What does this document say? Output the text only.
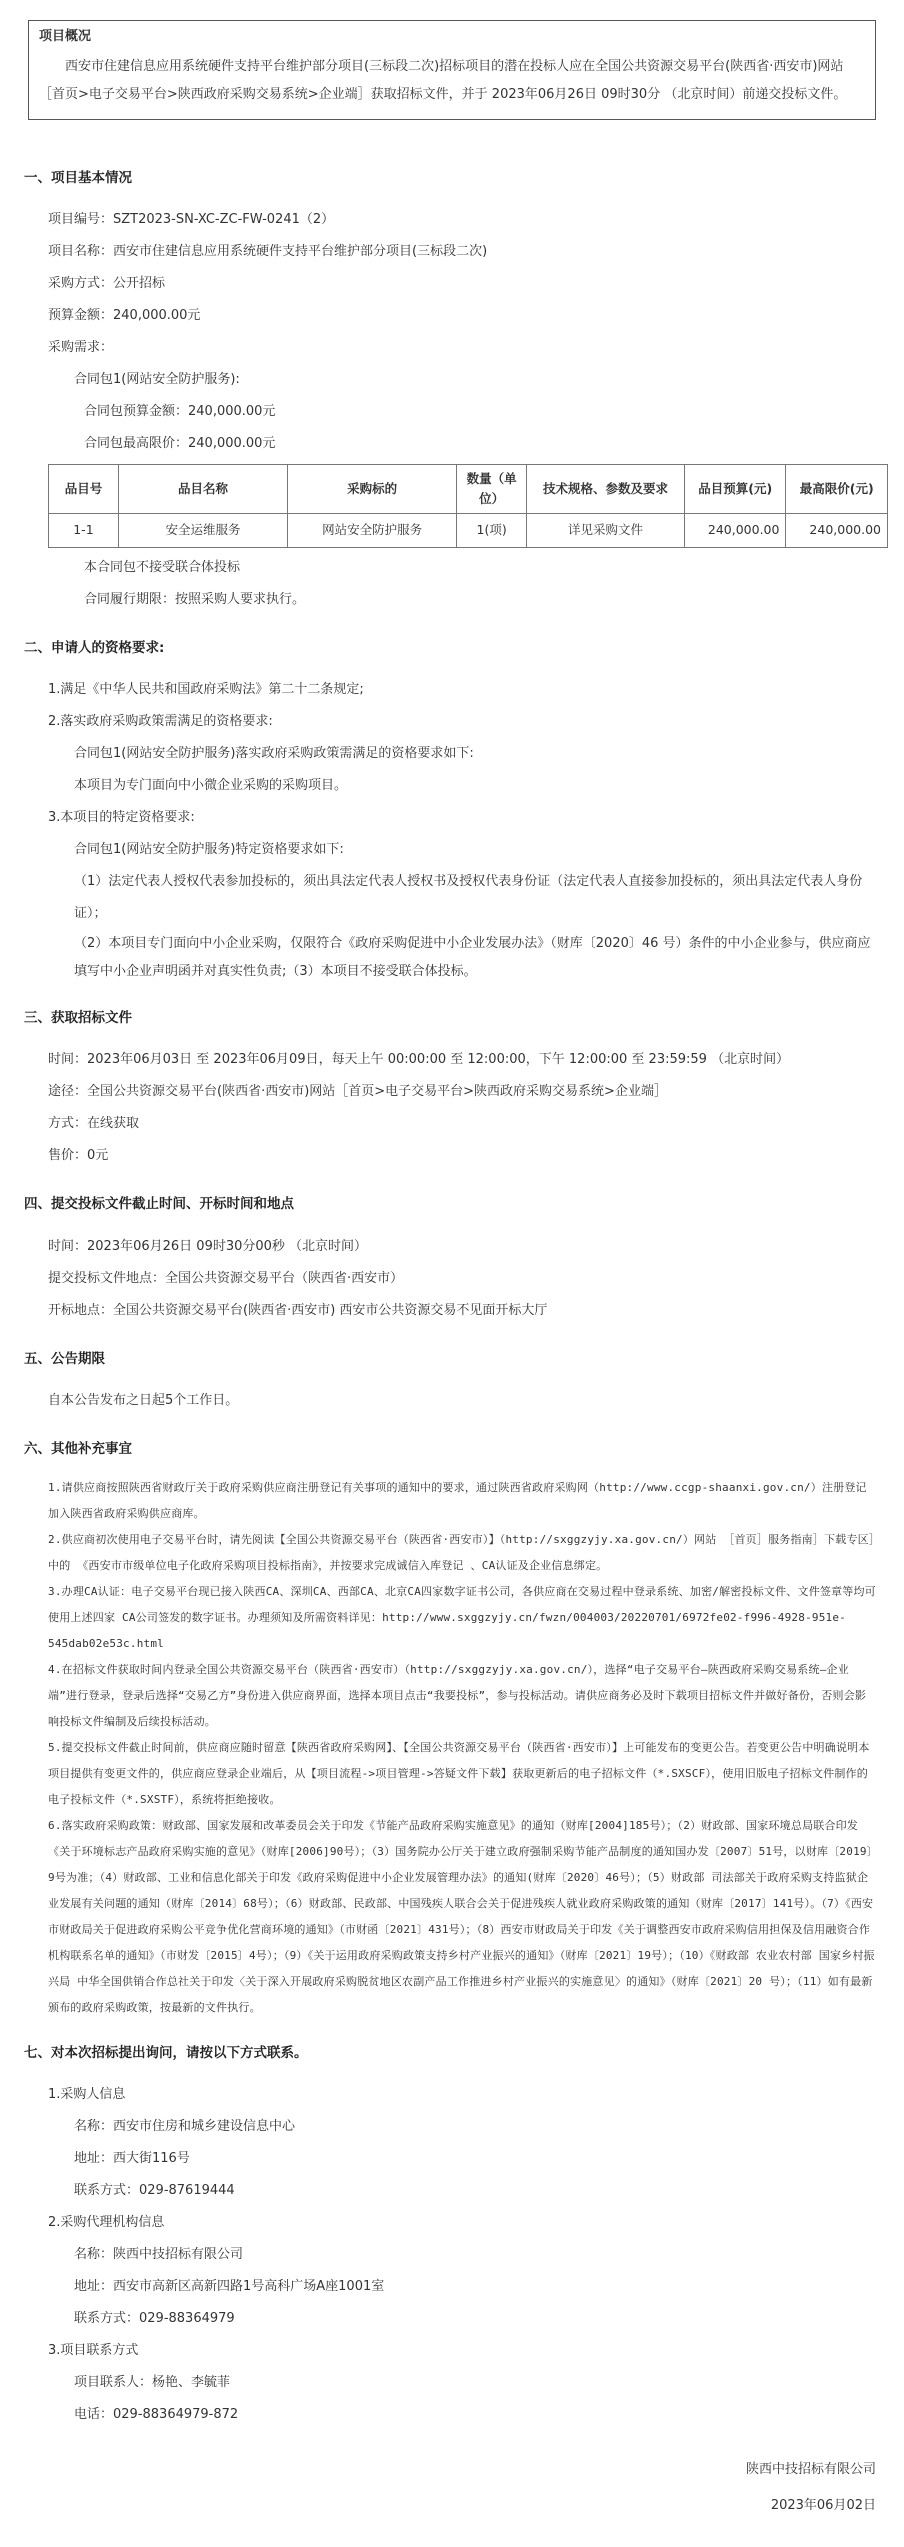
项目概况
西安市住建信息应用系统硬件支持平台维护部分项目(三标段二次)招标项目的潜在投标人应在全国公共资源交易平台(陕西省·西安市)网站［首页>电子交易平台>陕西政府采购交易系统>企业端］获取招标文件，并于 2023年06月26日 09时30分 （北京时间）前递交投标文件。
一、项目基本情况
项目编号：SZT2023-SN-XC-ZC-FW-0241（2）
项目名称：西安市住建信息应用系统硬件支持平台维护部分项目(三标段二次)
采购方式：公开招标
预算金额：240,000.00元
采购需求：
合同包1(网站安全防护服务):
合同包预算金额：240,000.00元
合同包最高限价：240,000.00元
品目号	品目名称	采购标的	数量（单位）	技术规格、参数及要求	品目预算(元)	最高限价(元)
1-1	安全运维服务	网站安全防护服务	1(项)	详见采购文件	240,000.00	240,000.00
本合同包不接受联合体投标
合同履行期限：按照采购人要求执行。
二、申请人的资格要求:
1.满足《中华人民共和国政府采购法》第二十二条规定;
2.落实政府采购政策需满足的资格要求:
合同包1(网站安全防护服务)落实政府采购政策需满足的资格要求如下:
本项目为专门面向中小微企业采购的采购项目。
3.本项目的特定资格要求:
合同包1(网站安全防护服务)特定资格要求如下:
（1）法定代表人授权代表参加投标的，须出具法定代表人授权书及授权代表身份证（法定代表人直接参加投标的，须出具法定代表人身份证）；
（2）本项目专门面向中小企业采购，仅限符合《政府采购促进中小企业发展办法》（财库〔2020〕46 号）条件的中小企业参与，供应商应填写中小企业声明函并对真实性负责;（3）本项目不接受联合体投标。
三、获取招标文件
时间：2023年06月03日 至 2023年06月09日，每天上午 00:00:00 至 12:00:00，下午 12:00:00 至 23:59:59 （北京时间）
途径：全国公共资源交易平台(陕西省·西安市)网站［首页>电子交易平台>陕西政府采购交易系统>企业端］
方式：在线获取
售价：0元
四、提交投标文件截止时间、开标时间和地点
时间：2023年06月26日 09时30分00秒 （北京时间）
提交投标文件地点：全国公共资源交易平台（陕西省·西安市）
开标地点：全国公共资源交易平台(陕西省·西安市) 西安市公共资源交易不见面开标大厅
五、公告期限
自本公告发布之日起5个工作日。
六、其他补充事宜

1.请供应商按照陕西省财政厅关于政府采购供应商注册登记有关事项的通知中的要求，通过陕西省政府采购网（http://www.ccgp-shaanxi.gov.cn/）注册登记加入陕西省政府采购供应商库。

2.供应商初次使用电子交易平台时，请先阅读【全国公共资源交易平台（陕西省·西安市）】（http://sxggzyjy.xa.gov.cn/）网站 ［首页］服务指南］下载专区］中的 《西安市市级单位电子化政府采购项目投标指南》，并按要求完成诚信入库登记 、CA认证及企业信息绑定。

3.办理CA认证：电子交易平台现已接入陕西CA、深圳CA、西部CA、北京CA四家数字证书公司，各供应商在交易过程中登录系统、加密/解密投标文件、文件签章等均可使用上述四家 CA公司签发的数字证书。办理须知及所需资料详见：http://www.sxggzyjy.cn/fwzn/004003/20220701/6972fe02-f996-4928-951e-545dab02e53c.html

4.在招标文件获取时间内登录全国公共资源交易平台（陕西省·西安市）（http://sxggzyjy.xa.gov.cn/），选择“电子交易平台—陕西政府采购交易系统—企业端”进行登录，登录后选择“交易乙方”身份进入供应商界面，选择本项目点击“我要投标”，参与投标活动。请供应商务必及时下载项目招标文件并做好备份，否则会影响投标文件编制及后续投标活动。

5.提交投标文件截止时间前，供应商应随时留意【陕西省政府采购网】、【全国公共资源交易平台（陕西省·西安市）】上可能发布的变更公告。若变更公告中明确说明本项目提供有变更文件的，供应商应登录企业端后，从【项目流程->项目管理->答疑文件下载】获取更新后的电子招标文件（*.SXSCF），使用旧版电子招标文件制作的电子投标文件（*.SXSTF），系统将拒绝接收。

6.落实政府采购政策：财政部、国家发展和改革委员会关于印发《节能产品政府采购实施意见》的通知（财库[2004]185号）；（2）财政部、国家环境总局联合印发《关于环境标志产品政府采购实施的意见》（财库[2006]90号）；（3）国务院办公厅关于建立政府强制采购节能产品制度的通知国办发〔2007〕51号，以财库〔2019〕9号为准；（4）财政部、工业和信息化部关于印发《政府采购促进中小企业发展管理办法》的通知(财库〔2020〕46号）；（5）财政部 司法部关于政府采购支持监狱企业发展有关问题的通知（财库〔2014〕68号）；（6）财政部、民政部、中国残疾人联合会关于促进残疾人就业政府采购政策的通知（财库〔2017〕141号）。（7）《西安市财政局关于促进政府采购公平竞争优化营商环境的通知》（市财函〔2021〕431号）；（8）西安市财政局关于印发《关于调整西安市政府采购信用担保及信用融资合作机构联系名单的通知》（市财发〔2015〕4号）；（9）《关于运用政府采购政策支持乡村产业振兴的通知》（财库〔2021〕19号）；（10）《财政部 农业农村部 国家乡村振兴局 中华全国供销合作总社关于印发〈关于深入开展政府采购脱贫地区农副产品工作推进乡村产业振兴的实施意见〉的通知》（财库〔2021〕20 号）；（11）如有最新颁布的政府采购政策，按最新的文件执行。

七、对本次招标提出询问，请按以下方式联系。
1.采购人信息
名称：西安市住房和城乡建设信息中心
地址：西大街116号
联系方式：029-87619444
2.采购代理机构信息
名称：陕西中技招标有限公司
地址：西安市高新区高新四路1号高科广场A座1001室
联系方式：029-88364979
3.项目联系方式
项目联系人：杨艳、李毓菲
电话：029-88364979-872
陕西中技招标有限公司
2023年06月02日
